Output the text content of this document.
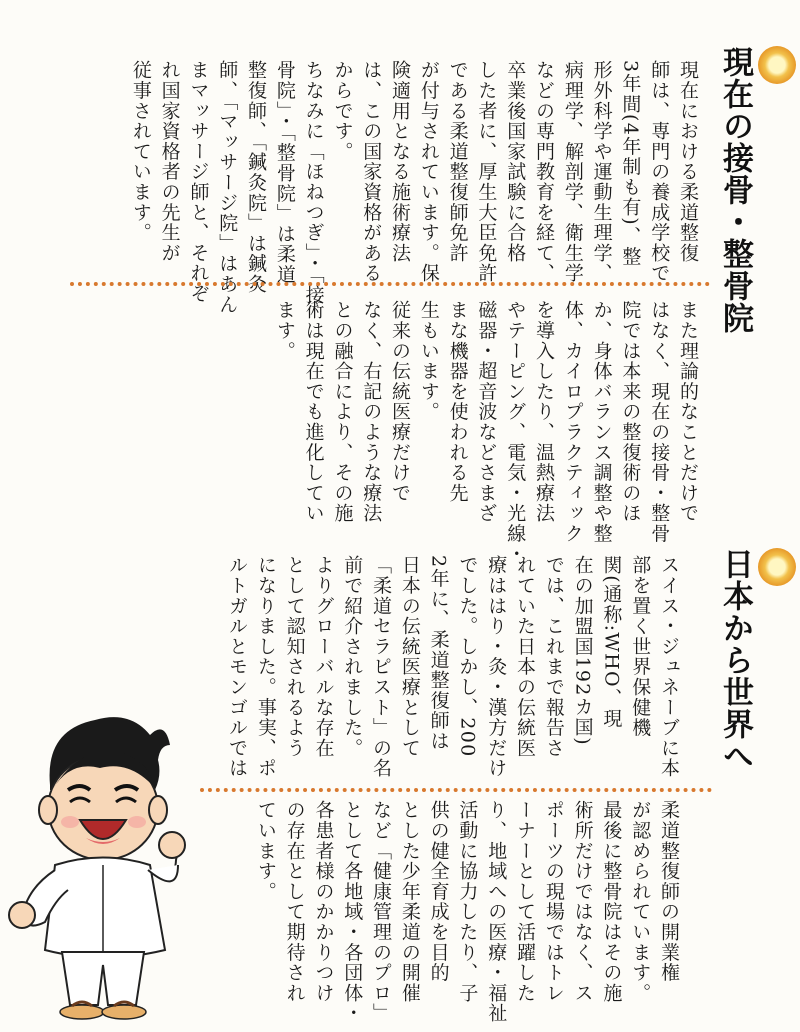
現在の接骨・整骨院
現在における柔道整復
師は、専門の養成学校で
3年間(4年制も有)、整
形外科学や運動生理学、
病理学、解剖学、衛生学
などの専門教育を経て、
卒業後国家試験に合格
した者に、厚生大臣免許
である柔道整復師免許
が付与されています。保
険適用となる施術療法
は、この国家資格がある
からです。
ちなみに「ほねつぎ」・「接
骨院」・「整骨院」は柔道
整復師、「鍼灸院」は鍼灸
師、「マッサージ院」はあん
まマッサージ師と、それぞ
れ国家資格者の先生が
従事されています。
また理論的なことだけで
はなく、現在の接骨・整骨
院では本来の整復術のほ
か、身体バランス調整や整
体、カイロプラクティック
を導入したり、温熱療法
やテーピング、電気・光線・
磁器・超音波などさまざ
まな機器を使われる先
生もいます。
従来の伝統医療だけで
なく、右記のような療法
との融合により、その施
術は現在でも進化してい
ます。
日本から世界へ
スイス・ジュネーブに本
部を置く世界保健機
関(通称:WHO、現
在の加盟国192カ国)
では、これまで報告さ
れていた日本の伝統医
療ははり・灸・漢方だけ
でした。しかし、200
2年に、柔道整復師は
日本の伝統医療として
「柔道セラピスト」の名
前で紹介されました。
よりグローバルな存在
として認知されるよう
になりました。事実、ポ
ルトガルとモンゴルでは
柔道整復師の開業権
が認められています。
最後に整骨院はその施
術所だけではなく、ス
ポーツの現場ではトレ
ーナーとして活躍した
り、地域への医療・福祉
活動に協力したり、子
供の健全育成を目的
とした少年柔道の開催
など「健康管理のプロ」
として各地域・各団体・
各患者様のかかりつけ
の存在として期待され
ています。
